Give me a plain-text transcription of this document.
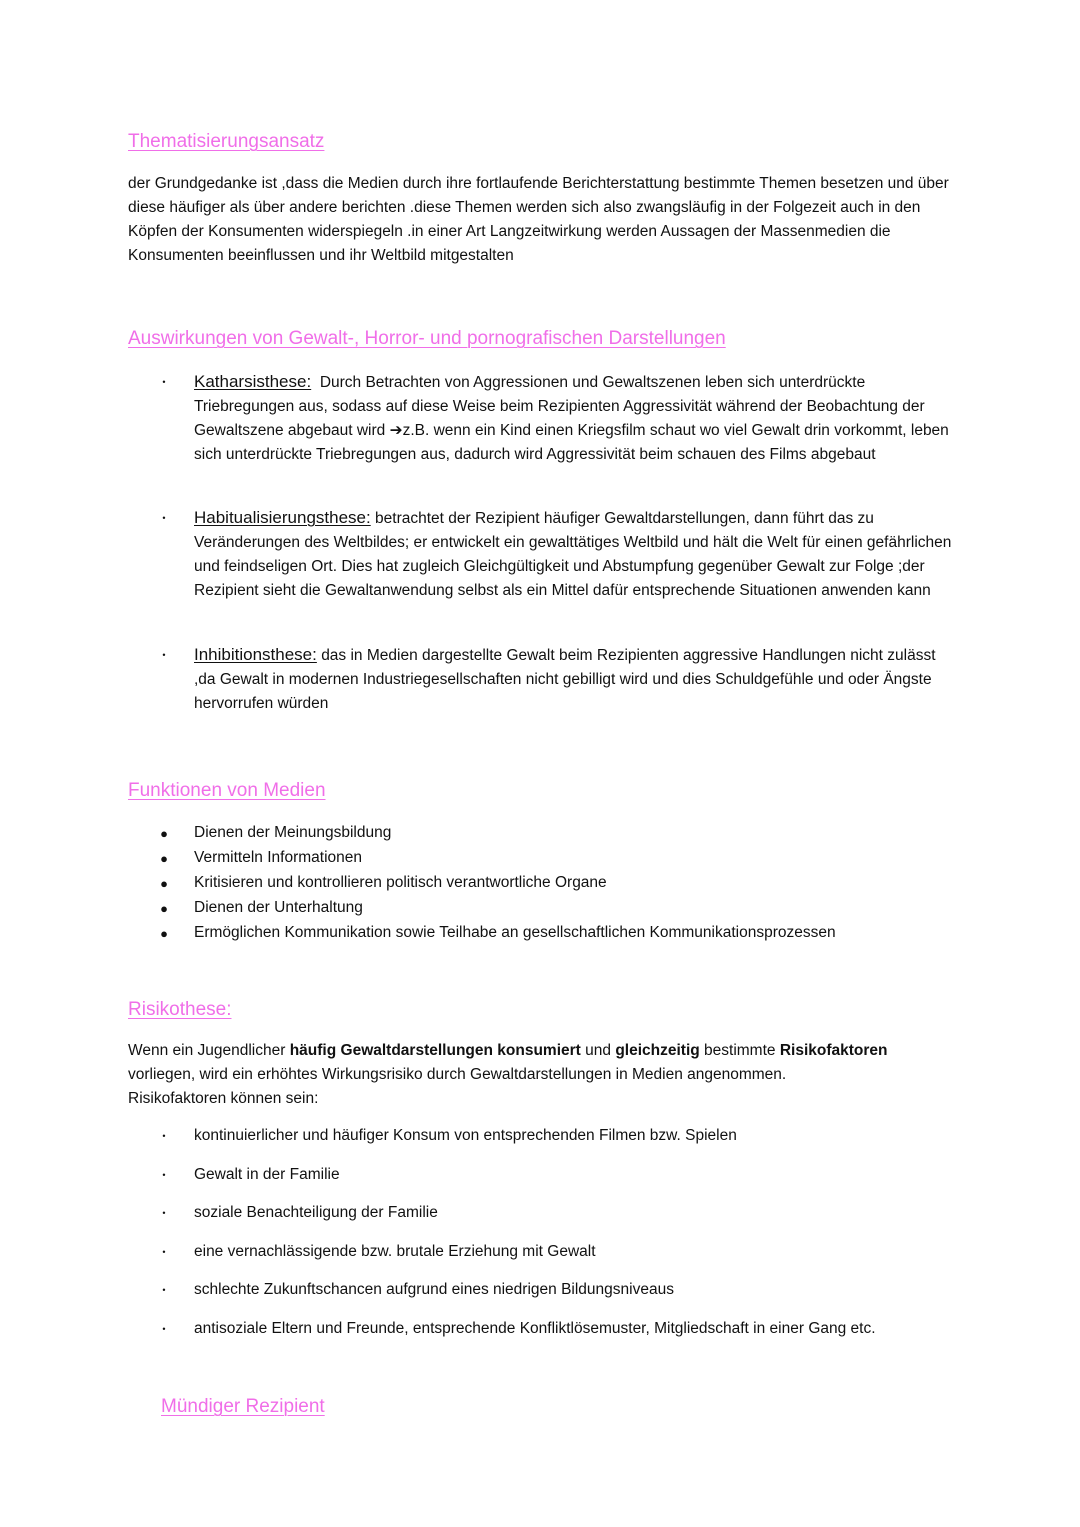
Thematisierungsansatz
der Grundgedanke ist ,dass die Medien durch ihre fortlaufende Berichterstattung bestimmte Themen besetzen und über diese häufiger als über andere berichten .diese Themen werden sich also zwangsläufig in der Folgezeit auch in den Köpfen der Konsumenten widerspiegeln .in einer Art Langzeitwirkung werden Aussagen der Massenmedien die Konsumenten beeinflussen und ihr Weltbild mitgestalten
Auswirkungen von Gewalt-, Horror- und pornografischen Darstellungen
•	Katharsisthese: Durch Betrachten von Aggressionen und Gewaltszenen leben sich unterdrückte Triebregungen aus, sodass auf diese Weise beim Rezipienten Aggressivität während der Beobachtung der Gewaltszene abgebaut wird ➔z.B. wenn ein Kind einen Kriegsfilm schaut wo viel Gewalt drin vorkommt, leben sich unterdrückte Triebregungen aus, dadurch wird Aggressivität beim schauen des Films abgebaut
•	Habitualisierungsthese: betrachtet der Rezipient häufiger Gewaltdarstellungen, dann führt das zu Veränderungen des Weltbildes; er entwickelt ein gewalttätiges Weltbild und hält die Welt für einen gefährlichen und feindseligen Ort. Dies hat zugleich Gleichgültigkeit und Abstumpfung gegenüber Gewalt zur Folge ;der Rezipient sieht die Gewaltanwendung selbst als ein Mittel dafür entsprechende Situationen anwenden kann
•	Inhibitionsthese: das in Medien dargestellte Gewalt beim Rezipienten aggressive Handlungen nicht zulässt ,da Gewalt in modernen Industriegesellschaften nicht gebilligt wird und dies Schuldgefühle und oder Ängste hervorrufen würden
Funktionen von Medien
●	Dienen der Meinungsbildung
●	Vermitteln Informationen
●	Kritisieren und kontrollieren politisch verantwortliche Organe
●	Dienen der Unterhaltung
●	Ermöglichen Kommunikation sowie Teilhabe an gesellschaftlichen Kommunikationsprozessen
Risikothese:
Wenn ein Jugendlicher häufig Gewaltdarstellungen konsumiert und gleichzeitig bestimmte Risikofaktoren vorliegen, wird ein erhöhtes Wirkungsrisiko durch Gewaltdarstellungen in Medien angenommen.
Risikofaktoren können sein:
•	kontinuierlicher und häufiger Konsum von entsprechenden Filmen bzw. Spielen
•	Gewalt in der Familie
•	soziale Benachteiligung der Familie
•	eine vernachlässigende bzw. brutale Erziehung mit Gewalt
•	schlechte Zukunftschancen aufgrund eines niedrigen Bildungsniveaus
•	antisoziale Eltern und Freunde, entsprechende Konfliktlösemuster, Mitgliedschaft in einer Gang etc.
Mündiger Rezipient
